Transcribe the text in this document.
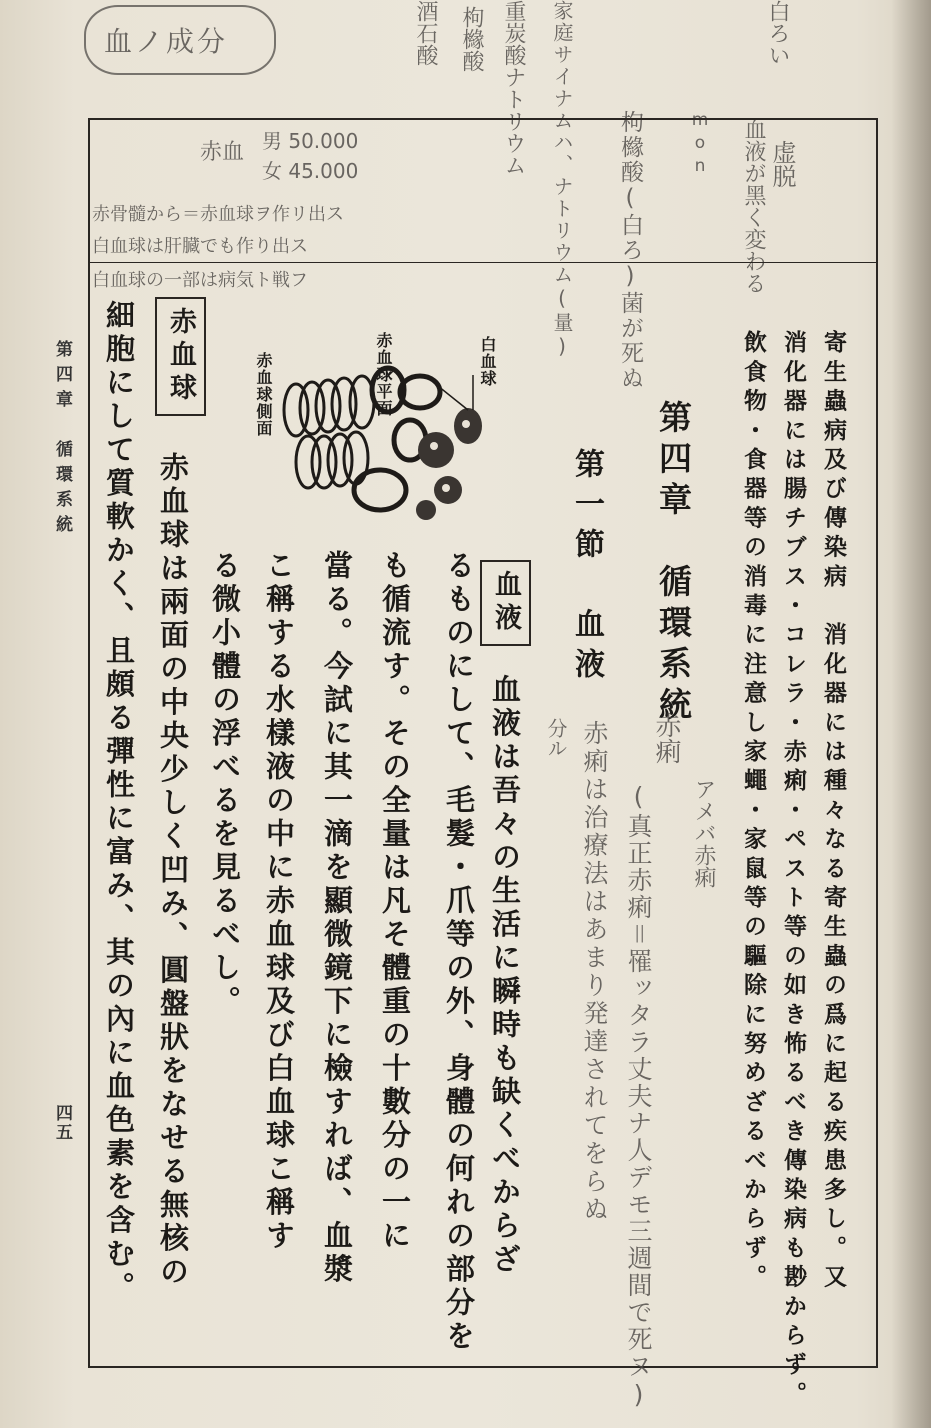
血ノ成分	家庭サイナムハ、ナトリウム(量)
重炭酸ナトリウム
枸櫞酸
酒石酸	白ろい
血液が黑く変わる 虚脱
mon
枸櫞酸(白ろ)菌が死ぬ
赤血 男 50.000
女 45.000
赤骨髓から＝赤血球ヲ作リ出ス
白血球は肝臓でも作り出ス
白血球の一部は病気ト戦フ
寄生蟲病及び傳染病　消化器には種々なる寄生蟲の爲に起る疾患多し。又
消化器には腸チブス・コレラ・赤痢・ペスト等の如き怖るべき傳染病も尠からず。
飲食物・食器等の消毒に注意し家蠅・家鼠等の驅除に努めざるべからず。
第四章　循環系統
第一節　血液
赤痢
アメバ赤痢
(真正赤痢＝罹ッタラ丈夫ナ人デモ三週間で死ヌ)
赤痢は治療法はあまり発達されてをらぬ
分ル
血液
血液は吾々の生活に瞬時も缺くべからざ
るものにして、毛髮・爪等の外、身體の何れの部分を
も循流す。その全量は凡そ體重の十數分の一に
當る。今試に其一滴を顯微鏡下に檢すれば、血漿
こ稱する水樣液の中に赤血球及び白血球こ稱す
る微小體の浮べるを見るべし。
赤血球側面	赤血球平面	白血球
赤血球
赤血球は兩面の中央少しく凹み、圓盤狀をなせる無核の
細胞にして質軟かく、且頗る彈性に富み、其の內に血色素を含む。
第四章　循環系統
四五
